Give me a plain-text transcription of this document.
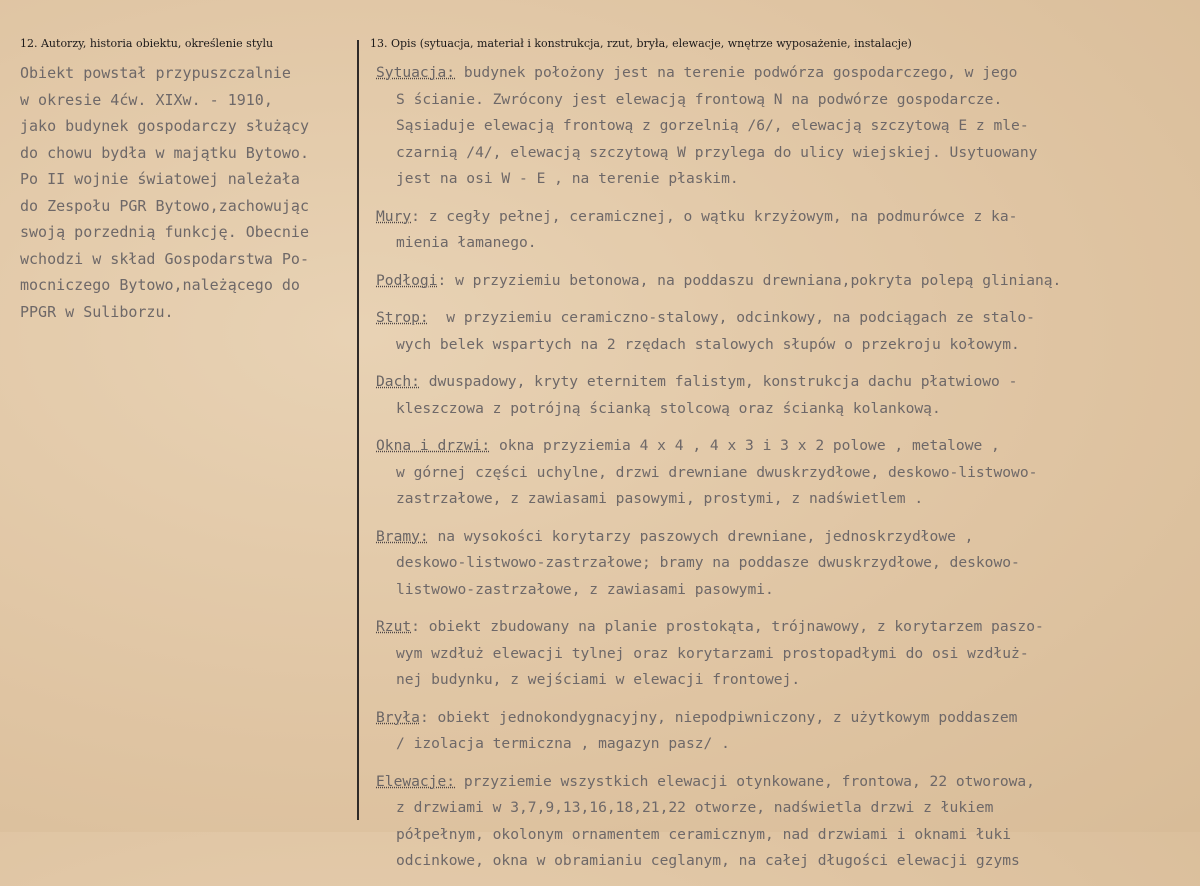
12. Autorzy, historia obiektu, określenie stylu	13. Opis (sytuacja, materiał i konstrukcja, rzut, bryła, elewacje, wnętrze wyposażenie, instalacje)
Obiekt powstał przypuszczalnie
w okresie 4ćw. XIXw. - 1910,
jako budynek gospodarczy służący
do chowu bydła w majątku Bytowo.
Po II wojnie światowej należała
do Zespołu PGR Bytowo,zachowując
swoją porzednią funkcję. Obecnie
wchodzi w skład Gospodarstwa Po-
mocniczego Bytowo,należącego do
PPGR w Suliborzu.
Sytuacja: budynek położony jest na terenie podwórza gospodarczego, w jego
S ścianie. Zwrócony jest elewacją frontową N na podwórze gospodarcze.
Sąsiaduje elewacją frontową z gorzelnią /6/, elewacją szczytową E z mle-
czarnią /4/, elewacją szczytową W przylega do ulicy wiejskiej. Usytuowany
jest na osi W - E , na terenie płaskim.
Mury: z cegły pełnej, ceramicznej, o wątku krzyżowym, na podmurówce z ka-
mienia łamanego.
Podłogi: w przyziemiu betonowa, na poddaszu drewniana,pokryta polepą glinianą.
Strop:  w przyziemiu ceramiczno-stalowy, odcinkowy, na podciągach ze stalo-
wych belek wspartych na 2 rzędach stalowych słupów o przekroju kołowym.
Dach: dwuspadowy, kryty eternitem falistym, konstrukcja dachu płatwiowo -
kleszczowa z potrójną ścianką stolcową oraz ścianką kolankową.
Okna i drzwi: okna przyziemia 4 x 4 , 4 x 3 i 3 x 2 polowe , metalowe ,
w górnej części uchylne, drzwi drewniane dwuskrzydłowe, deskowo-listwowo-
zastrzałowe, z zawiasami pasowymi, prostymi, z nadświetlem .
Bramy: na wysokości korytarzy paszowych drewniane, jednoskrzydłowe ,
deskowo-listwowo-zastrzałowe; bramy na poddasze dwuskrzydłowe, deskowo-
listwowo-zastrzałowe, z zawiasami pasowymi.
Rzut: obiekt zbudowany na planie prostokąta, trójnawowy, z korytarzem paszo-
wym wzdłuż elewacji tylnej oraz korytarzami prostopadłymi do osi wzdłuż-
nej budynku, z wejściami w elewacji frontowej.
Bryła: obiekt jednokondygnacyjny, niepodpiwniczony, z użytkowym poddaszem
/ izolacja termiczna , magazyn pasz/ .
Elewacje: przyziemie wszystkich elewacji otynkowane, frontowa, 22 otworowa,
z drzwiami w 3,7,9,13,16,18,21,22 otworze, nadświetla drzwi z łukiem
półpełnym, okolonym ornamentem ceramicznym, nad drzwiami i oknami łuki
odcinkowe, okna w obramianiu ceglanym, na całej długości elewacji gzyms
